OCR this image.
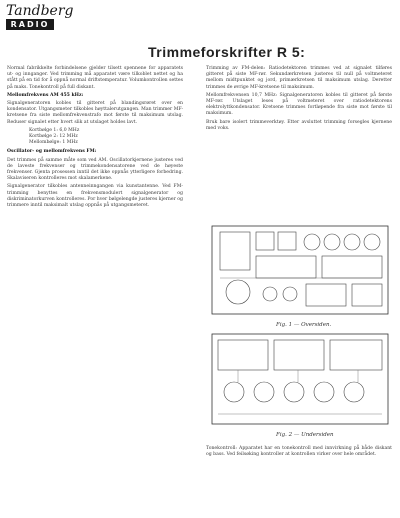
Tandberg
RADIO
Trimmeforskrifter R 5:

Normal fabrikkelte forbindelsene gjelder tilsett spennene for apparatets ut- og innganger. Ved trimming må apparatet være tilkoblet nettet og ha stått på en tid for å oppnå normal driftstemperatur. Volumkontrollen settes på maks. Tonekontroll på full diskant.

Mellomfrekvens AM 455 kHz:

Signalgeneratoren kobles til gitteret på blandingsrøret over en kondensator. Utgangsmeter tilkobles høyttalerutgangen. Man trimmer MF-kretsene fra siste mellomfrekvenstrafo mot første til maksimum utslag. Reduser signalet etter hvert slik at utslaget holdes lavt.

Kortbølge 1: 6,0 MHz
Kortbølge 2: 12 MHz
Mellombølge: 1 MHz

Oscillator- og mellomfrekvens FM:

Det trimmes på samme måte som ved AM. Oscillatorkjernene justeres ved de laveste frekvenser og trimmekondensatorene ved de høyeste frekvenser. Gjenta prosessen inntil det ikke oppnås ytterligere forbedring. Skalaviseren kontrolleres mot skalamerkene.

Signalgenerator tilkobles antenneinngangen via kunstantenne. Ved FM-trimming benyttes en frekvensmodulert signalgenerator og diskriminatorkurven kontrolleres. Por hver bølgelengde justeres kjerner og trimmere inntil maksimalt utslag oppnås på utgangsmeteret.

Trimming av FM-delen: Ratiodetektoren trimmes ved at signalet tilføres gitteret på siste MF-rør. Sekundærkretsen justeres til null på voltmeteret mellom midtpunktet og jord, primærkretsen til maksimum utslag. Deretter trimmes de øvrige MF-kretsene til maksimum.

Mellomfrekvensen 10,7 MHz: Signalgeneratoren kobles til gitteret på første MF-rør. Utslaget leses på voltmeteret over ratiodetektorens elektrolyttkondensator. Kretsene trimmes fortløpende fra siste mot første til maksimum.

Bruk bare isolert trimmeverktøy. Etter avsluttet trimming forsegles kjernene med voks.

Fig. 1 — Oversiden.
Fig. 2 — Undersiden

Tonekontroll: Apparatet har en tonekontroll med innvirkning på både diskant og bass. Ved feilsøking kontroller at kontrollen virker over hele området.
